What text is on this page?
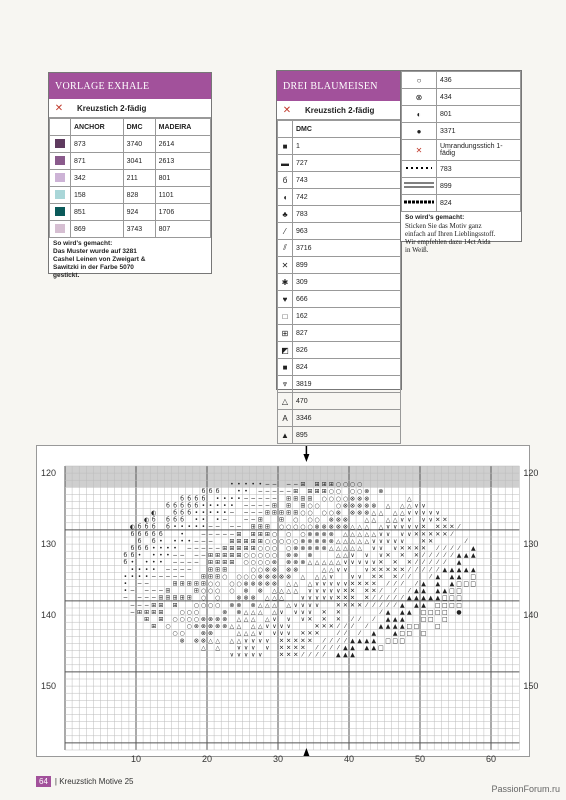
VORLAGE EXHALE
✕	Kreuzstich 2-fädig
	ANCHOR	DMC	MADEIRA
	873	3740	2614
	871	3041	2613
	342	211	801
	158	828	1101
	851	924	1706
	869	3743	807
So wird's gemacht:
Das Muster wurde auf 3281 Cashel Leinen von Zweigart & Sawitzki in der Farbe 5070 gestickt.
DREI BLAUMEISEN
✕	Kreuzstich 2-fädig
	DMC
■	1
▬	727
б	743
◖	742
♣	783
⁄	963
⫽	3716
✕	899
✱	309
♥	666
□	162
⊞	827
◩	826
■	824
⩔	3819
△	470
A	3346
▲	895
○	436
⊗	434
◐	801
●	3371
✕	Umrandungsstich 1-fädig
	783
	899
	824
So wird's gemacht:
Sticken Sie das Motiv ganz einfach auf Ihren Lieblingsstoff. Wir empfehlen dazu 14ct Aida in Weiß.
• • • • • − − − − ⊞ ⊞ ⊞ ⊞ ○ ○ ○ ○
б б б	• • − − − − − ⊞ ⊞ ⊞ ⊞ ○ ○ ○ ○ ⊗ ⊗
б б б б • • • • − − − − − ⊞ ⊞ ⊞ ⊞ ○ ○ ○ ○ ⊗ ⊗ ⊗	△
б б б б б • • • • • − − − − ⊞ ⊞ ⊞ ○ ○	○ ⊗ ⊗ ⊗ ⊗ ⊗ △ △ △ ∨ ∨
◐	б б б • • • • • − − − − ⊞ ⊞ ⊞ ⊞ ⊞ ○ ○ ○ ○ ⊗ ⊗ ⊗ ⊗ △ △ △ △ ∨ ∨ ∨ ∨ ∨
◐ б б б б • • • −	− − ⊞	⊞ ○ ○ ○ ⊗ ⊗ ⊗	△ △ △ △ ∨ ∨ ∨ ∨ ✕ ✕
◐ б б б б • • • • • − − − − ⊞ ⊞ ⊞ ○ ○ ○ ○ ○ ⊗ ⊗ ⊗ ⊗ ⊗ △ △ △ △ ∨ ∨ ∨ ∨ ∨ ✕ ✕ ✕ ✕ ⁄
б б б б б	•	− − − − − ⊞ ⊞ ⊞ ⊞ ○ ○ ○ ⊗ ⊗ ⊗ ⊗ △ △ △ △ △ ∨ ∨ ∨ ∨ ✕ ✕ ✕ ✕ ✕ ⁄
б б • • • • − − −	⊞ ⊞ ⊞ ⊞ ⊞ ○ ○ ○ ○ ○ ⊗ ⊗ ⊗ ⊗ ⊗ △ △ △ △ △ ∨ ∨ ∨ ∨ ∨	✕ ✕	⁄
б б б • • • • − − − − − ⊞ ⊞ ⊞ ⊞ ⊞ ○ ○ ○ ○ ⊗ ⊗ ⊗ ⊗ ⊗ △ △ △ △ △ ∨ ∨ ∨ ✕ ✕ ✕ ✕	⁄	⁄	⁄	⁄	▲
б б • • • • − − − − ⊞ ⊞ ⊞ ⊞ ⊞ ○ ○ ○ ○ ○ ⊗ ⊗ ⊗	△ △ ∨ ∨ ∨ ✕ ✕ ✕ ⁄	⁄	⁄	⁄	⁄ ▲ ▲ ▲
б • • • • − − − − ⊞ ⊞ ⊞ ⊞ ○ ○ ○ ○ ⊗ ⊗ ⊗ ⊗ △ △ △ △ △ ∨ ∨ ∨ ∨ ∨ ✕ ✕ ✕ ⁄	⁄	⁄	⁄	⁄	▲
• • • • − − − −	⊞ ⊞ ⊞	○ ○ ⊗ ⊗ ⊗ ⊗	△ △ ∨ ∨	∨ ✕ ✕ ✕ ✕ ✕ ⁄	⁄	⁄	⁄	⁄ ▲ ▲ ▲ ▲ ▲
• • • • − − − − −	⊞ ⊞ ⊞ ○ ○ ○ ○ ⊗ ⊗ ⊗ ⊗ ⊗ △ △ △ ∨	∨ ∨ ✕ ✕ ✕ ⁄	⁄	⁄ ▲ ▲ ▲ □
• − −	⊞ ⊞ ⊞ ⊞ ⊞ ○ ○ ○ ○ ⊗ ⊗ ⊗ ⊗ ⊗ △ △ △ ∨ ∨ ∨ ∨ ∨ ✕ ✕ ✕ ✕	⁄	⁄	⁄	⁄ ▲ ▲ ▲ □ □ □
• − − − − ⊞	⊞ ○ ○ ○ ○ ⊗ ⊗ △ △ △ △ ∨ ∨ ∨ ∨ ∨ ✕ ✕ ✕ ✕ ⁄	⁄	⁄ ▲ ▲ ▲ ▲ □ □
− − − − ⊞ ⊞ ⊞ ⊞ ⊞ ○ ○	⊗ ⊗ ⊗ △ △ △	∨ ∨ ∨ ∨ ∨ ✕ ✕ ✕ ✕ ⁄	⁄	⁄	⁄	⁄ ▲ ▲ ▲ ▲ ▲ □ □ □
− − − ⊞ ⊞ ⊞	○ ○ ○ ○ ⊗ ⊗ ⊗ △ △ △ △ ∨ ∨ ∨ ∨	✕ ✕ ✕ ✕ ⁄	⁄	⁄	⁄	⁄ ▲ ▲ ▲ □ □ □ □
− ⊞ ⊞ ⊞ ⊞	○ ○ ○	⊗ ⊗ △ △ △ △ ∨ ∨ ∨ ∨ ✕ ✕	⁄ ▲ ▲ ▲ □ □ □ □ ●
⊞ ⊞ ○ ○ ○ ○ ⊗ ⊗ ⊗ ⊗ △ △ △ △ ∨ ∨ ∨ ✕ ✕ ✕	⁄	⁄	⁄	▲ ▲ ▲	□ □ □
⊞ ○	○ ⊗ ⊗ ⊗ ⊗ ⊗ △ △ △ △ ∨ ∨ ∨ ∨	✕ ✕ ✕ ⁄	⁄	⁄	⁄	▲ ▲ ▲ ▲ □ □	□
○ ○	⊗ ⊗	△ △ △ ∨ ∨ ∨ ∨ ✕ ✕ ✕	⁄	⁄	⁄	▲	▲ □ □ □
⊗ ⊗ ⊗ △ △ △ △ ∨ ∨ ∨ ∨ ✕ ✕ ✕ ✕ ✕	⁄	⁄	⁄	⁄ ▲ ▲ ▲ ▲ □ □ □
△ △	∨ ∨ ∨ ∨ ✕ ✕ ✕ ✕	⁄	⁄	⁄	⁄ ▲ ▲ ▲ ▲ □
∨ ∨ ∨ ∨ ∨	✕ ✕ ✕ ⁄	⁄	⁄	⁄	▲ ▲ ▲
120	120
130	130
140	140
150	150
10	20	30	40	50	60
64 | Kreuzstich Motive 25
PassionForum.ru
